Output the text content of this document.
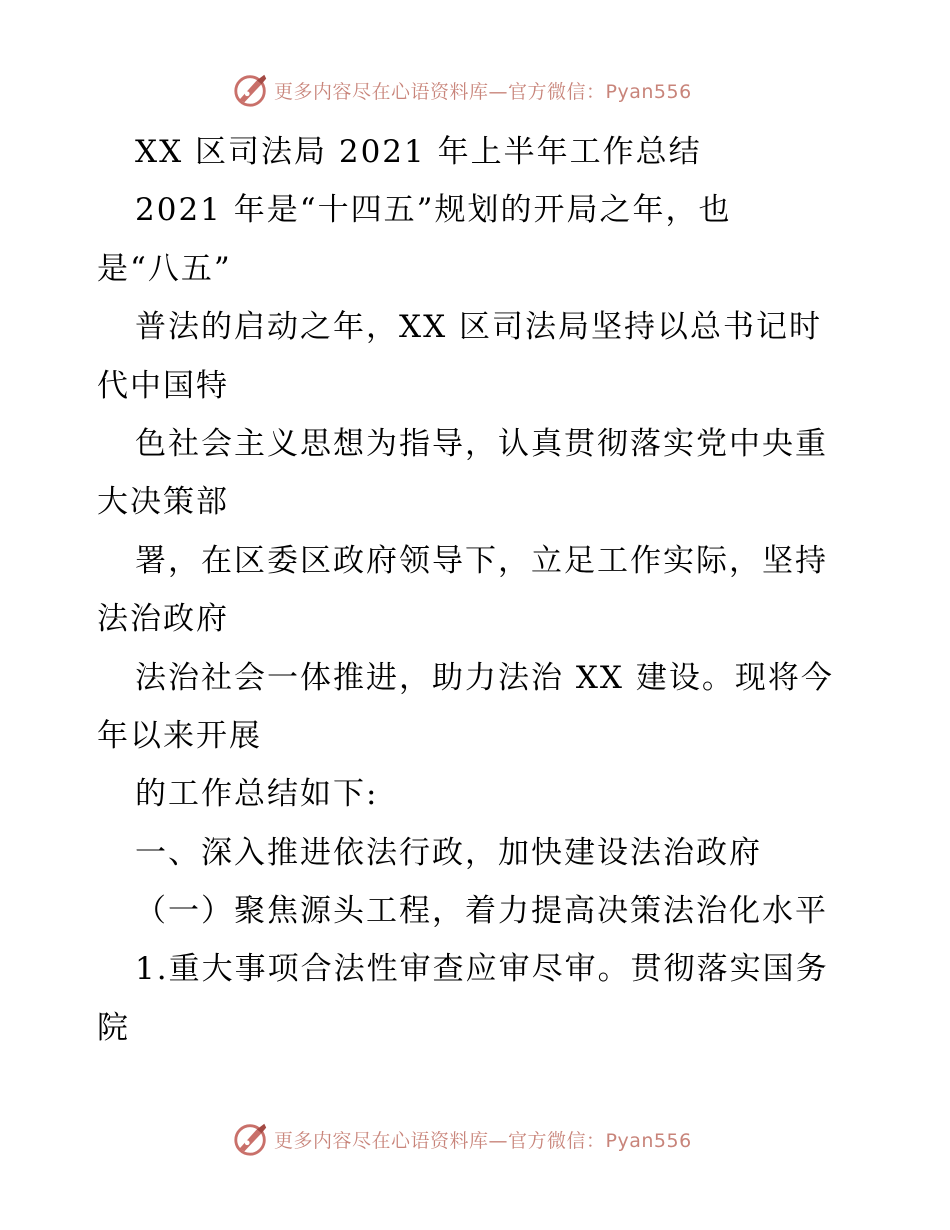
更多内容尽在心语资料库—官方微信：Pyan556
XX 区司法局 2021 年上半年工作总结
2021 年是“十四五”规划的开局之年，也
是“八五”
普法的启动之年，XX 区司法局坚持以总书记时
代中国特
色社会主义思想为指导，认真贯彻落实党中央重
大决策部
署，在区委区政府领导下，立足工作实际，坚持
法治政府
法治社会一体推进，助力法治 XX 建设。现将今
年以来开展
的工作总结如下:
一、深入推进依法行政，加快建设法治政府
（一）聚焦源头工程，着力提高决策法治化水平
1.重大事项合法性审查应审尽审。贯彻落实国务
院
更多内容尽在心语资料库—官方微信：Pyan556
